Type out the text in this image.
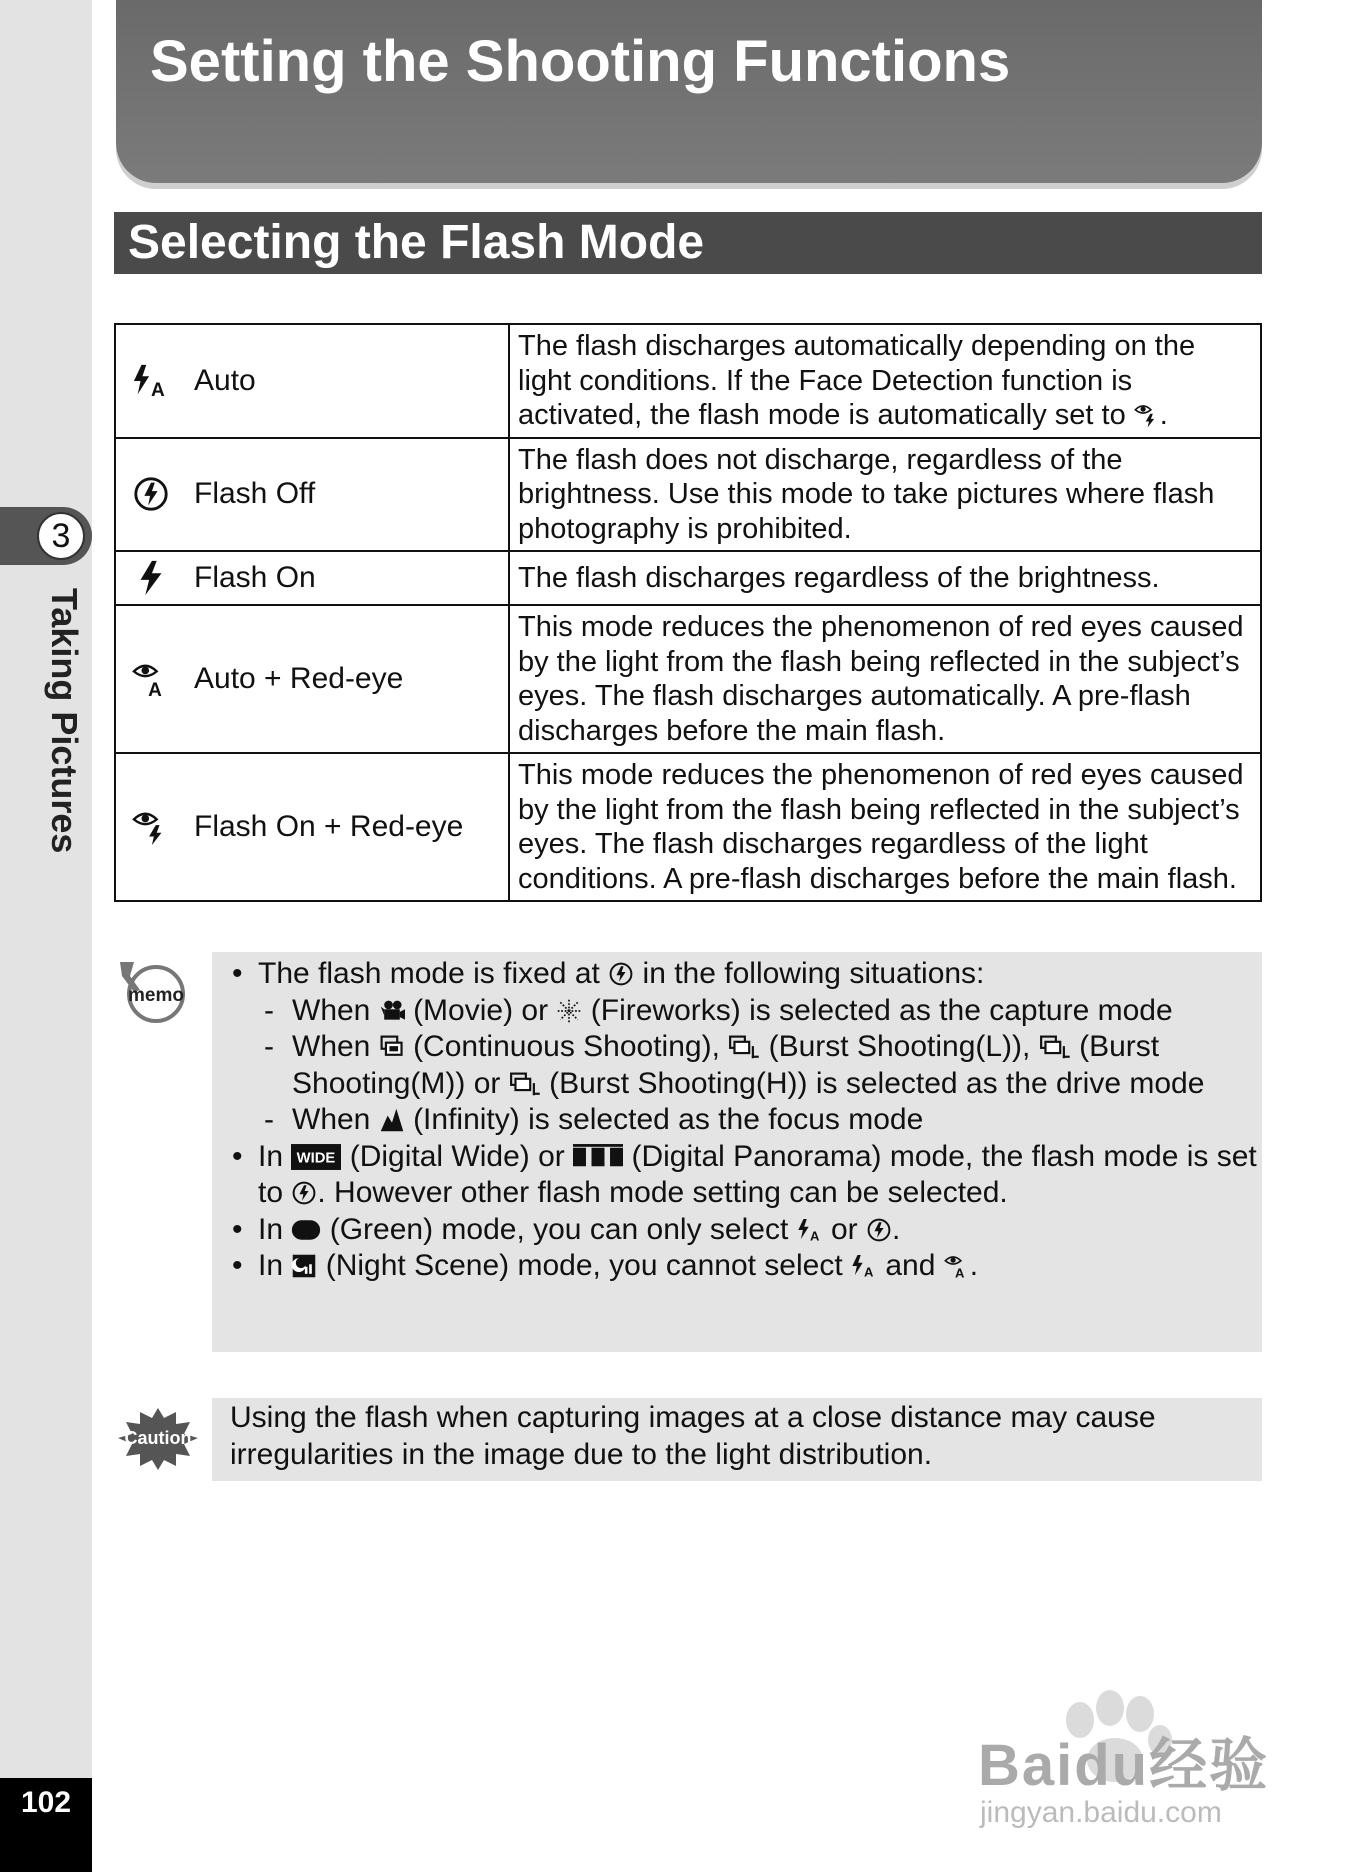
3
Taking Pictures
102
Setting the Shooting Functions
Selecting the Flash Mode
Auto	The flash discharges automatically depending on the light conditions. If the Face Detection function is activated, the flash mode is automatically set to .

Flash Off	The flash does not discharge, regardless of the brightness. Use this mode to take pictures where flash photography is prohibited.

Flash On	The flash discharges regardless of the brightness.

Auto + Red-eye	This mode reduces the phenomenon of red eyes caused by the light from the flash being reflected in the subject’s eyes. The flash discharges automatically. A pre-flash discharges before the main flash.

Flash On + Red-eye	This mode reduces the phenomenon of red eyes caused by the light from the flash being reflected in the subject’s eyes. The flash discharges regardless of the light conditions. A pre-flash discharges before the main flash.
memo
• The flash mode is fixed at in the following situations:
- When (Movie) or (Fireworks) is selected as the capture mode
- When (Continuous Shooting), (Burst Shooting(L)), (Burst Shooting(M)) or (Burst Shooting(H)) is selected as the drive mode
- When (Infinity) is selected as the focus mode
• In (Digital Wide) or (Digital Panorama) mode, the flash mode is set to . However other flash mode setting can be selected.
• In (Green) mode, you can only select or .
• In (Night Scene) mode, you cannot select and .
Caution
Using the flash when capturing images at a close distance may cause irregularities in the image due to the light distribution.
Baidu经验
jingyan.baidu.com
